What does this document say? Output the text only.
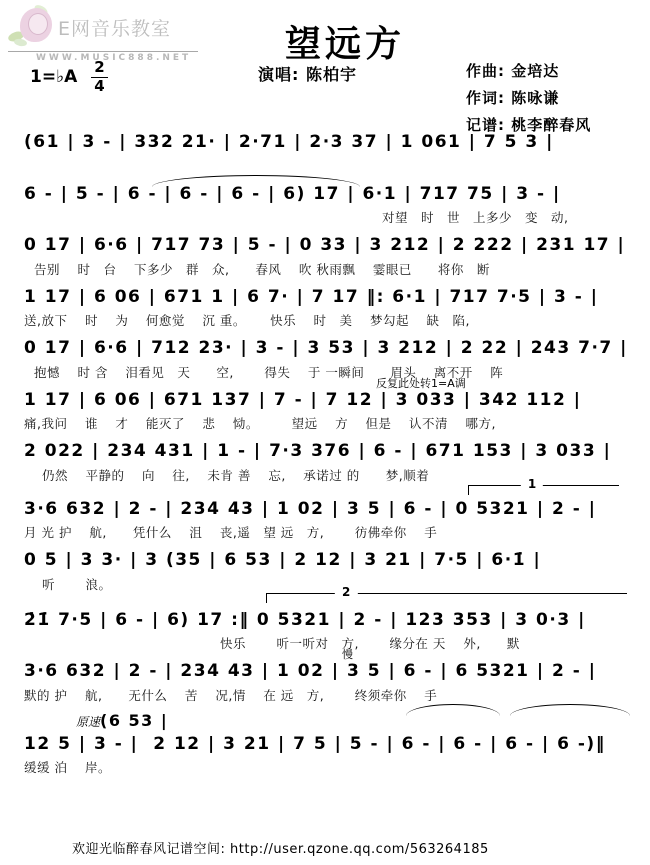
E网音乐教室
WWW.MUSIC888.NET
1=♭A $\frac{2}{4}$
望远方
演唱: 陈柏宇	作曲: 金培达
作词: 陈咏谦
记谱: 桃李醉春风
(61 | 3 - | 332 21· | 2·71 | 2·3 37 | 1 061 | 7 5 3 |
6 - | 5 - | 6 - | 6 - | 6 - | 6) 17 | 6·1 | 717 75 | 3 - |
对望　时　世　上多少　变　动,
0 17 | 6·6 | 717 73 | 5 - | 0 33 | 3 212 | 2 222 | 231 17 |
告别　 时　台　 下多少　群　众,　　春风　 吹 秋雨飘　 霎眼已　　将你　断
1 17 | 6 06 | 671 1 | 6 7· | 7 17 ‖: 6·1 | 717 7·5 | 3 - |
送,放下　 时　 为　 何愈觉　 沉 重。　　 快乐　 时　美　 梦勾起　 缺　陷,
0 17 | 6·6 | 712 23· | 3 - | 3 53 | 3 212 | 2 22 | 243 7·7 |
抱憾　 时 含　 泪看见　天　　空,　　 得失　 于 一瞬间　　眉头　 离不开　 阵
反复此处转1=A调
1 17 | 6 06 | 671 137 | 7 - | 7 12 | 3 033 | 342 112 |
痛,我问　 谁　 才　 能灭了　 悲　 恸。　　　望远　 方　 但是　 认不清　 哪方,
2 022 | 234 431 | 1 - | 7·3 376 | 6 - | 671 153 | 3 033 |
仍然　 平静的　 向　 往,　 未肯 善　 忘,　 承诺过 的　　梦,顺着
1
3·6 632 | 2 - | 234 43 | 1 02 | 3 5 | 6 - | 0 5321 | 2 - |
月 光 护　 航,　　凭什么　 沮　 丧,遥　望 远　方,　　 彷佛牵你　 手
0 5 | 3 3· | 3 (35 | 6 53 | 2 12 | 3 21 | 7·5 | 6·1̇ |
听　　 浪。	2
2̇1̇ 7·5 | 6 - | 6) 17 :‖ 0 5321 | 2 - | 123 353 | 3 0·3 |
快乐　　 听一听对　方,　　 缘分在 天　 外,　　默
慢
3·6 632 | 2 - | 234 43 | 1 02 | 3 5 | 6 - | 6 5321 | 2 - |
默的 护　 航,　　无什么　 苦　 况,情　 在 远　方,　　 终须牵你　 手
原速(6 53 |
12 5 | 3 - |  2 12 | 3 21 | 7 5 | 5 - | 6 - | 6 - | 6 - | 6 -)‖
缓缓 泊　 岸。
欢迎光临醉春风记谱空间: http://user.qzone.qq.com/563264185
